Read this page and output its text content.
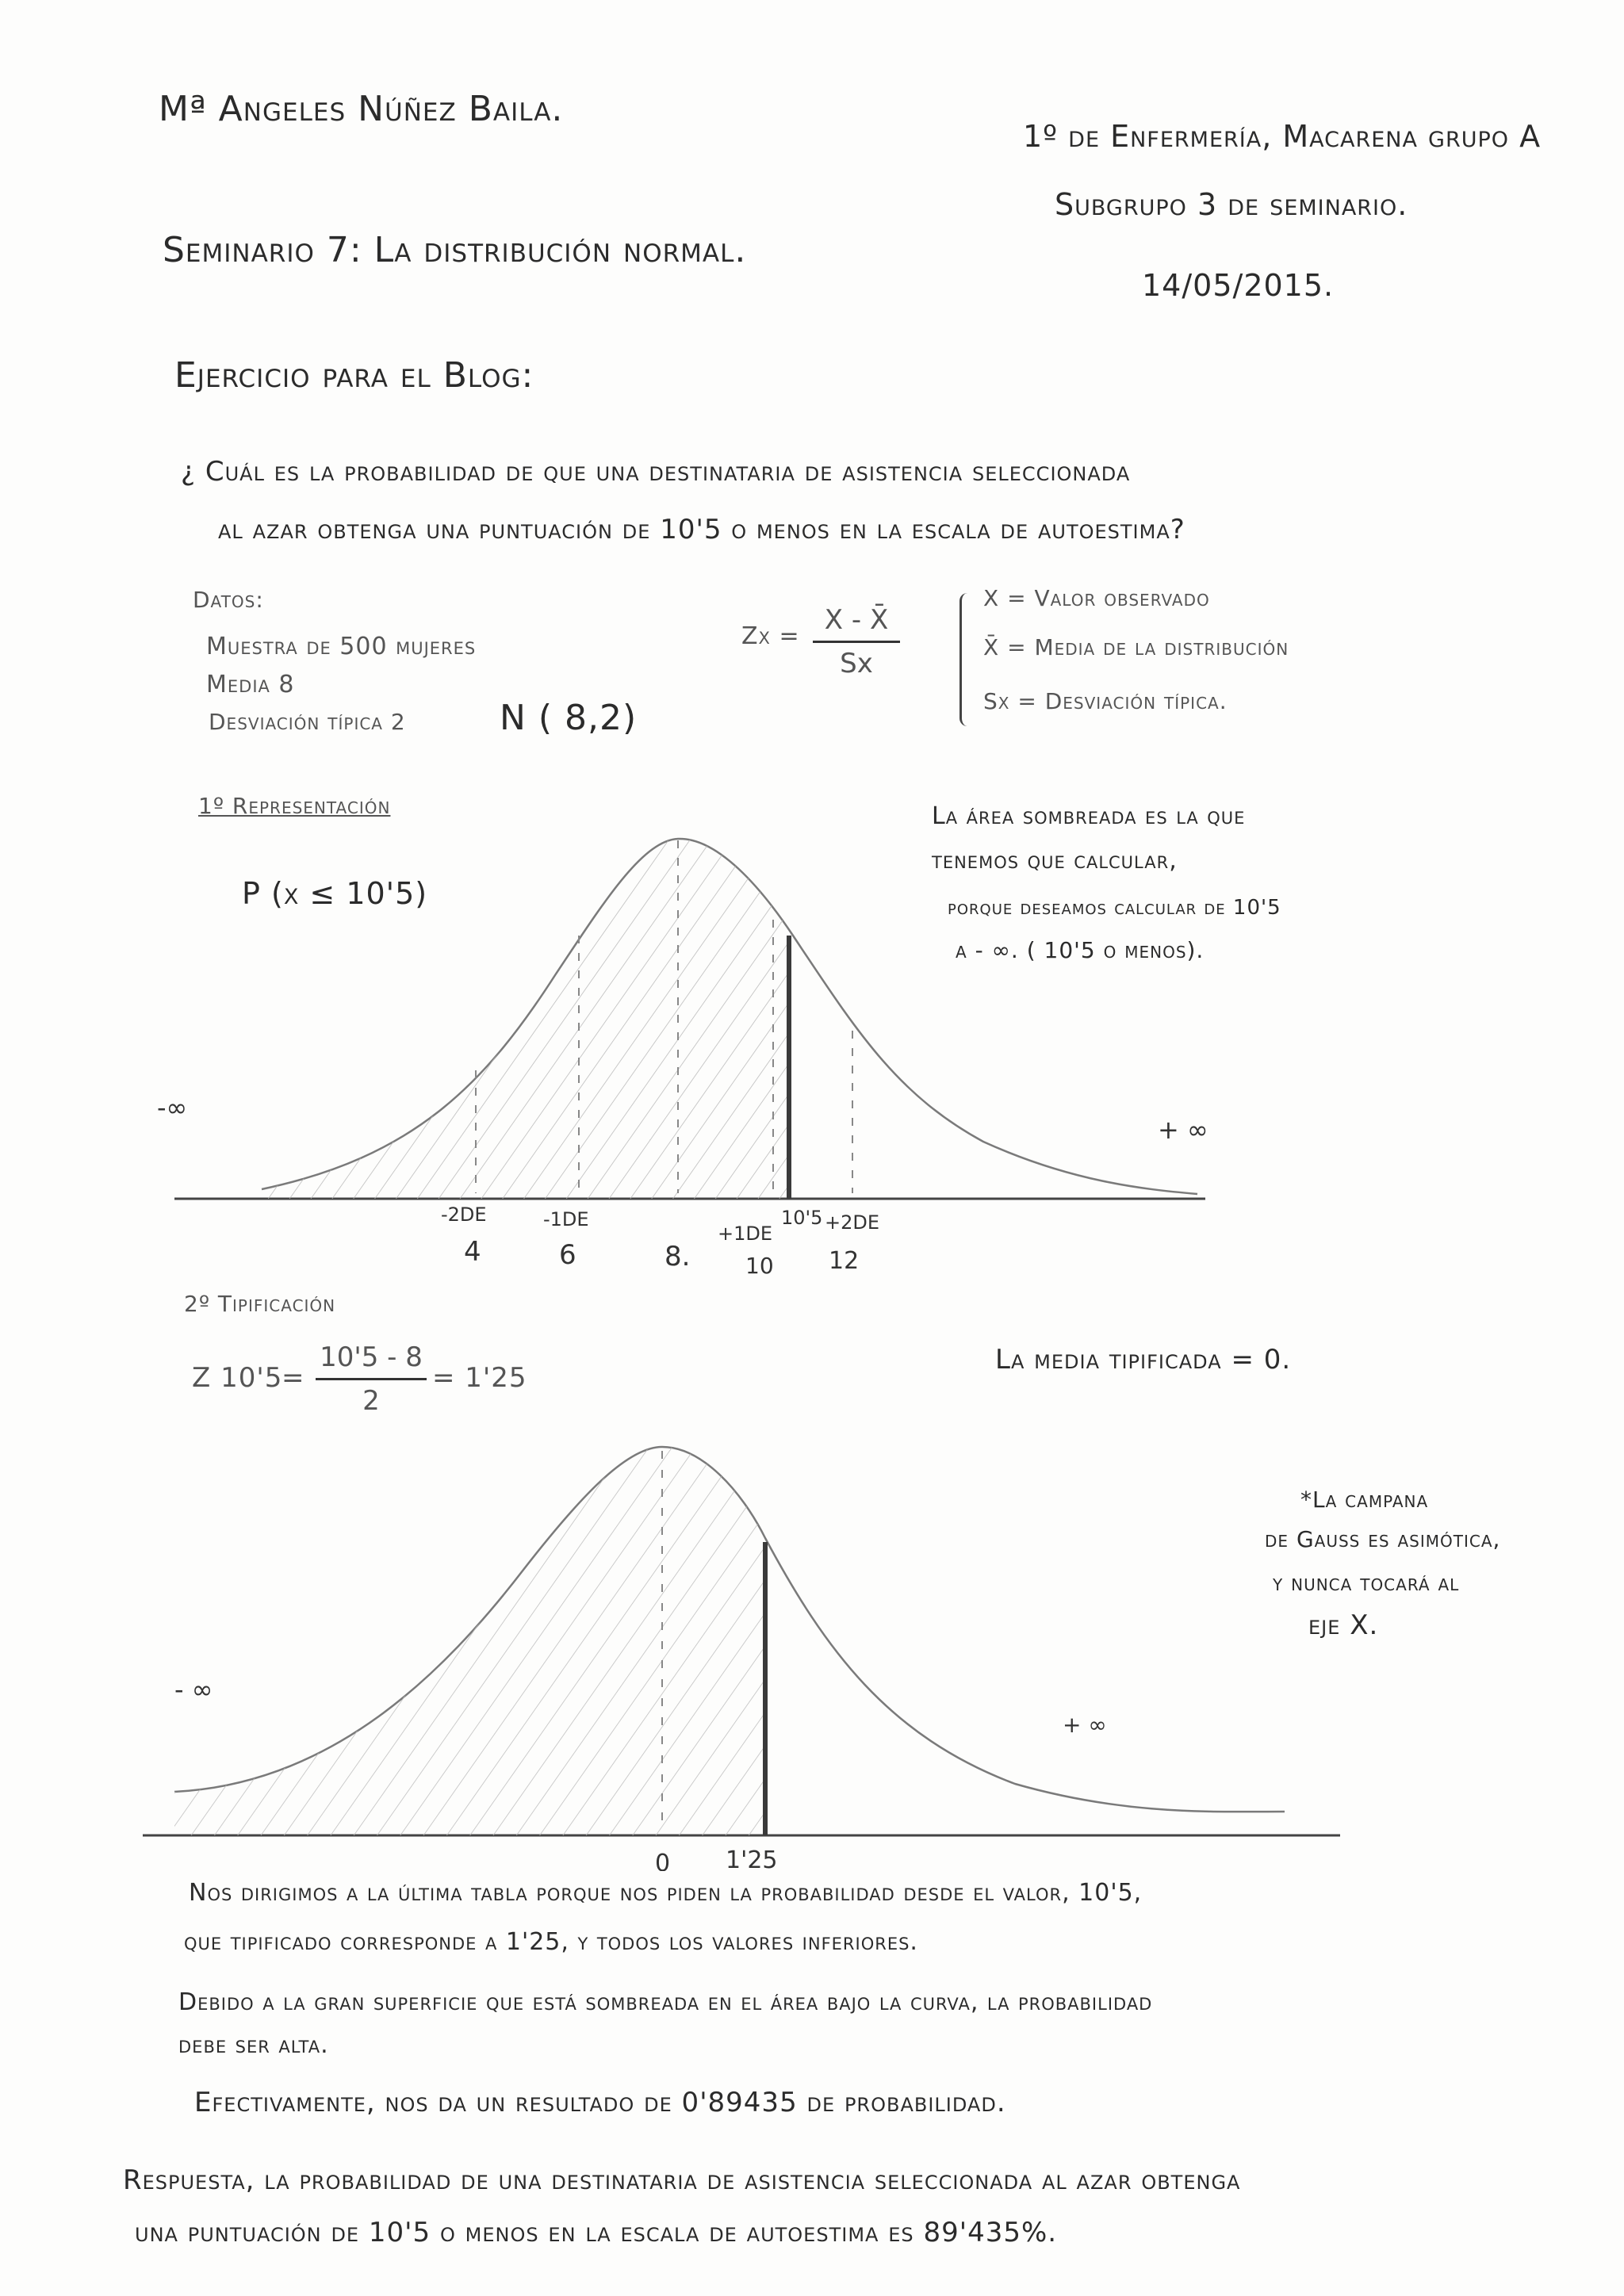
Mª Angeles Núñez Baila.
1º de Enfermería, Macarena grupo A
Subgrupo 3 de seminario.
14/05/2015.
Seminario 7: La distribución normal.
Ejercicio para el Blog:
¿ Cuál es la probabilidad de que una destinataria de asistencia seleccionada
al azar obtenga una puntuación de 10'5 o menos en la escala de autoestima?
Datos:
Muestra de 500 mujeres
Media 8
Desviación típica 2	N ( 8,2)
Zx =
X - X̄
Sx
X = Valor observado
X̄ = Media de la distribución
Sx = Desviación típica.
1º Representación
P (x ≤ 10'5)
La área sombreada es la que
tenemos que calcular,
porque deseamos calcular de 10'5
a - ∞. ( 10'5 o menos).
-∞
+ ∞
-2DE	-1DE
+1DE
10'5 +2DE
4	6	8. 10 12
2º Tipificación
Z 10'5
=
10'5 - 8
2
= 1'25
La media tipificada = 0.
*La campana
de Gauss es asimótica,
y nunca tocará al
eje X.
- ∞
+ ∞
0 1'25
Nos dirigimos a la última tabla porque nos piden la probabilidad desde el valor, 10'5,
que tipificado corresponde a 1'25, y todos los valores inferiores.
Debido a la gran superficie que está sombreada en el área bajo la curva, la probabilidad
debe ser alta.
Efectivamente, nos da un resultado de 0'89435 de probabilidad.
Respuesta, la probabilidad de una destinataria de asistencia seleccionada al azar obtenga
una puntuación de 10'5 o menos en la escala de autoestima es 89'435%.
